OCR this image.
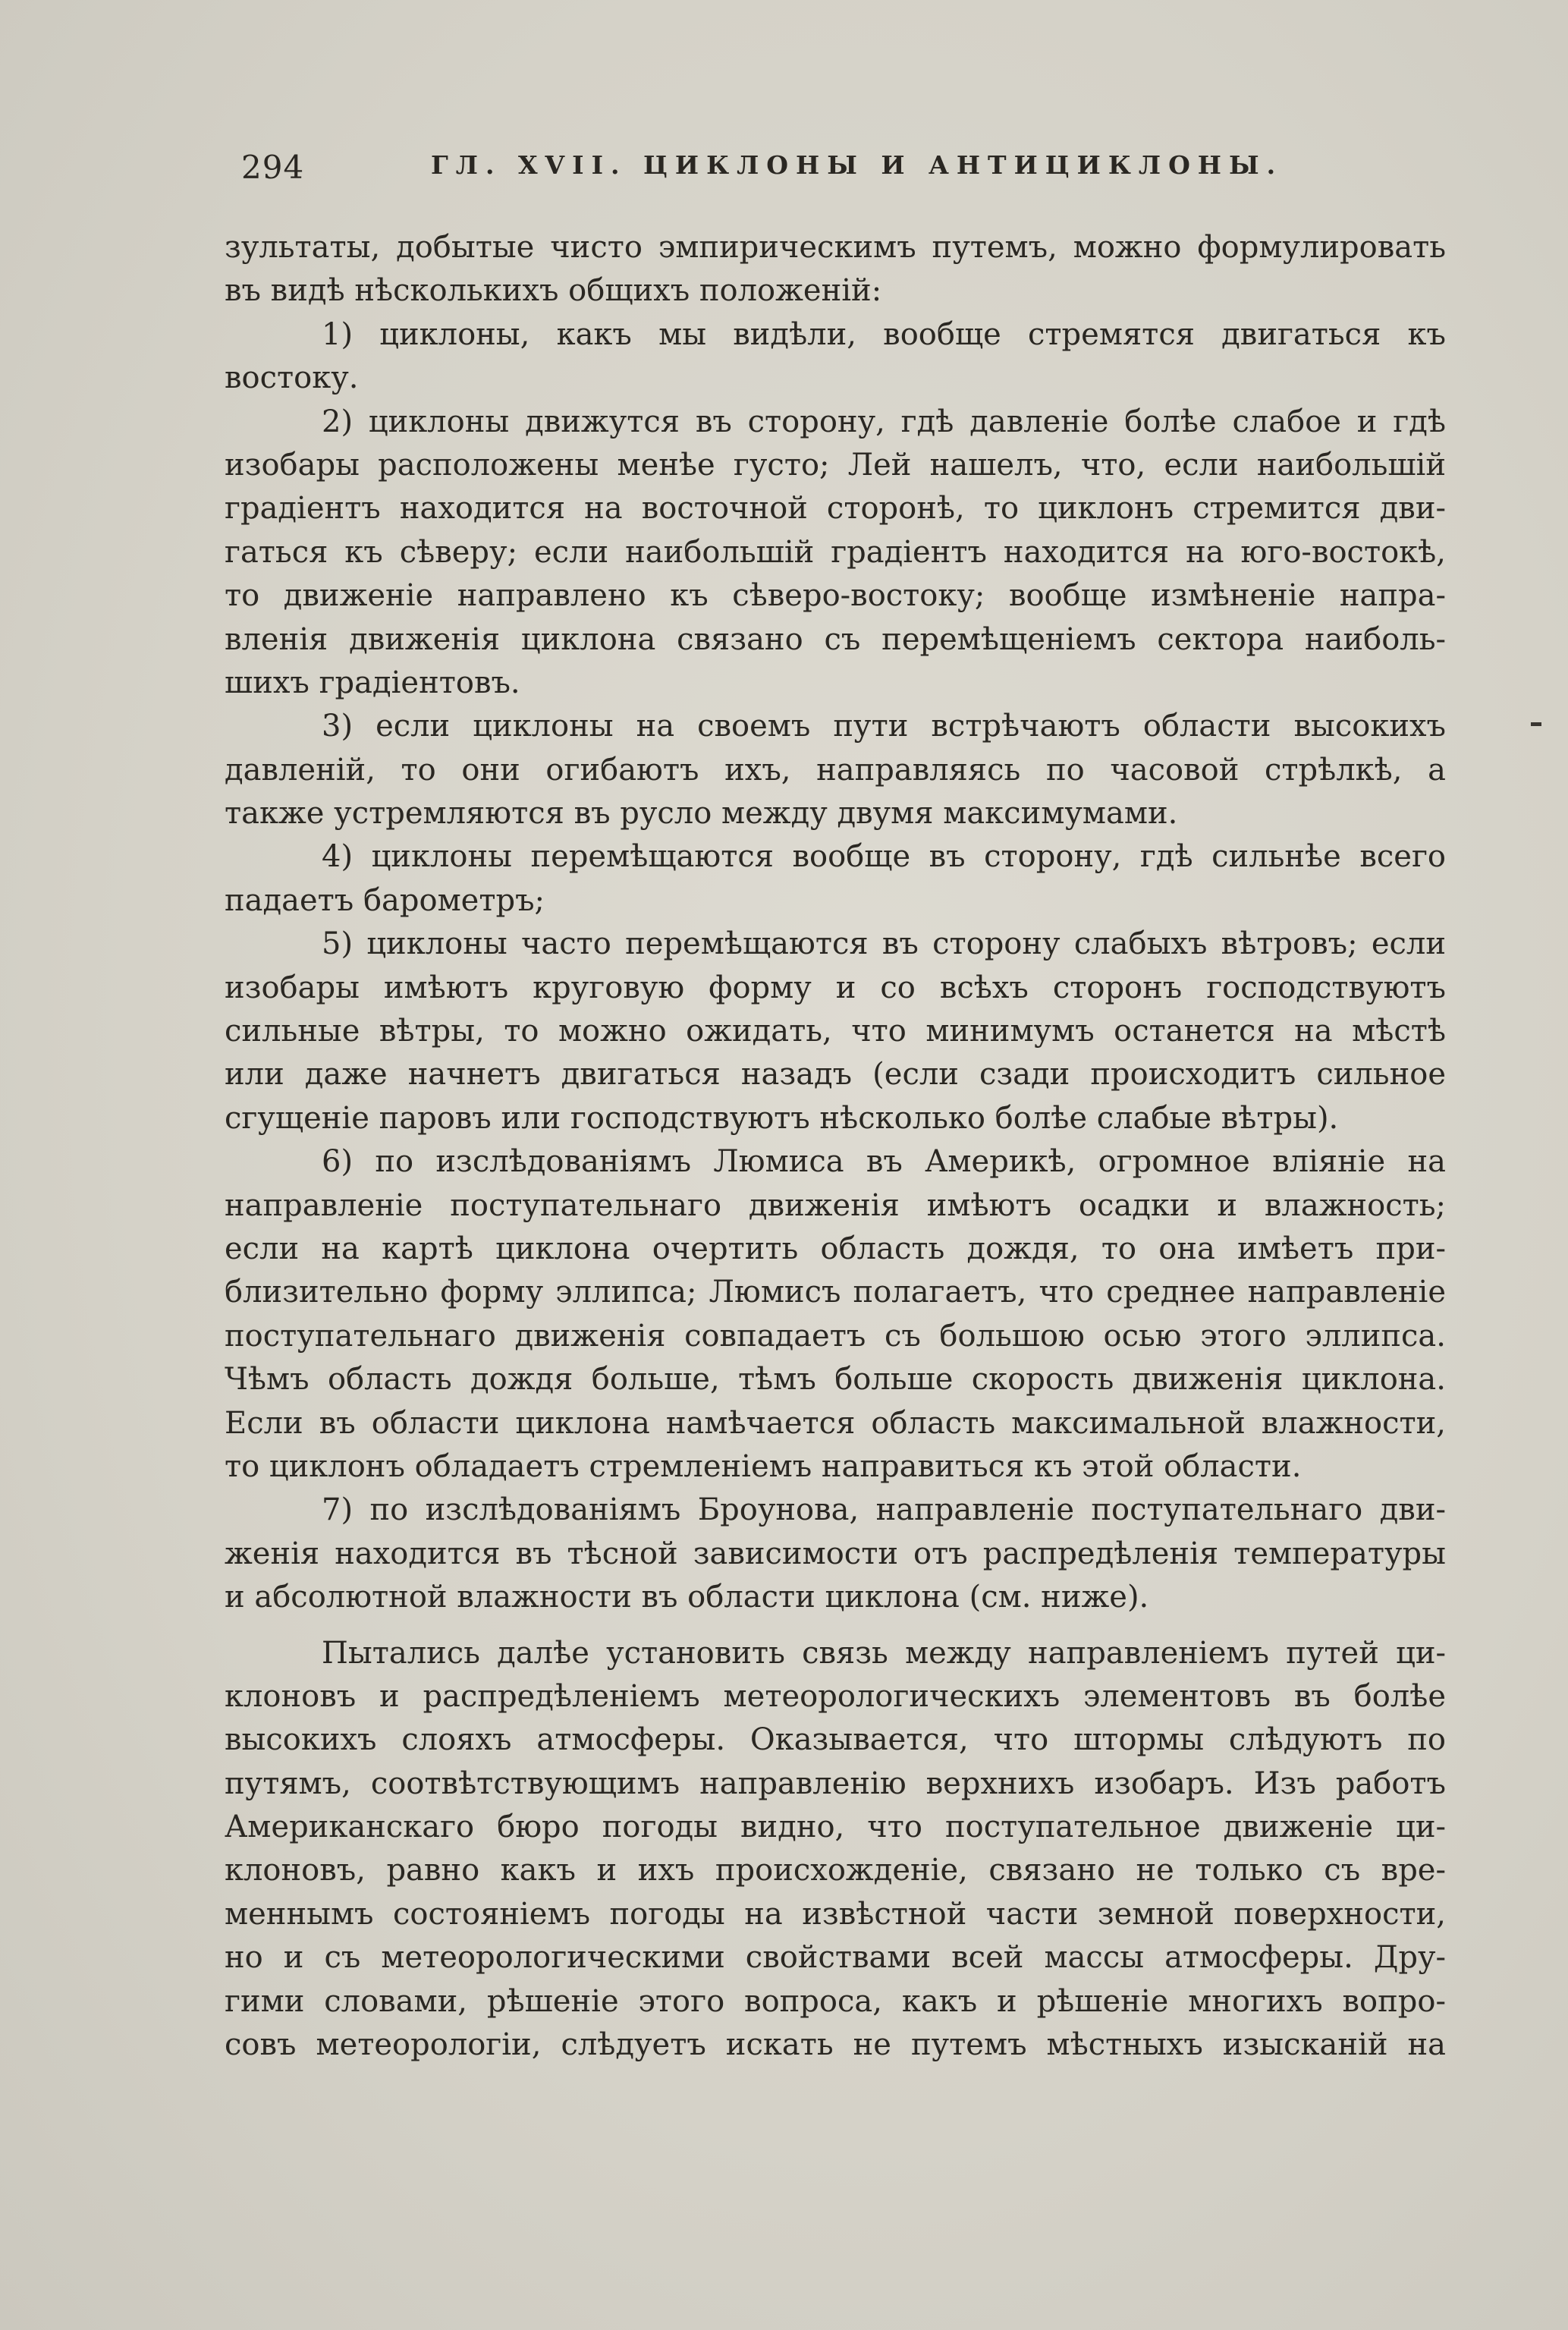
294	ГЛ. XVII. ЦИКЛОНЫ И АНТИЦИКЛОНЫ.
зультаты, добытые чисто эмпирическимъ путемъ, можно формулировать
въ видѣ нѣсколькихъ общихъ положенiй:
1) циклоны, какъ мы видѣли, вообще стремятся двигаться къ
востоку.
2) циклоны движутся въ сторону, гдѣ давленiе болѣе слабое и гдѣ
изобары расположены менѣе густо; Лей нашелъ, что, если наибольшiй
градiентъ находится на восточной сторонѣ, то циклонъ стремится дви-
гаться къ сѣверу; если наибольшiй градiентъ находится на юго-востокѣ,
то движенiе направлено къ сѣверо-востоку; вообще измѣненiе напра-
вленiя движенiя циклона связано съ перемѣщенiемъ сектора наиболь-
шихъ градiентовъ.
3) если циклоны на своемъ пути встрѣчаютъ области высокихъ
давленiй, то они огибаютъ ихъ, направляясь по часовой стрѣлкѣ, а
также устремляются въ русло между двумя максимумами.
4) циклоны перемѣщаются вообще въ сторону, гдѣ сильнѣе всего
падаетъ барометръ;
5) циклоны часто перемѣщаются въ сторону слабыхъ вѣтровъ; если
изобары имѣютъ круговую форму и со всѣхъ сторонъ господствуютъ
сильные вѣтры, то можно ожидать, что минимумъ останется на мѣстѣ
или даже начнетъ двигаться назадъ (если сзади происходитъ сильное
сгущенiе паровъ или господствуютъ нѣсколько болѣе слабые вѣтры).
6) по изслѣдованiямъ Люмиса въ Америкѣ, огромное влiянiе на
направленiе поступательнаго движенiя имѣютъ осадки и влажность;
если на картѣ циклона очертить область дождя, то она имѣетъ при-
близительно форму эллипса; Люмисъ полагаетъ, что среднее направленiе
поступательнаго движенiя совпадаетъ съ большою осью этого эллипса.
Чѣмъ область дождя больше, тѣмъ больше скорость движенiя циклона.
Если въ области циклона намѣчается область максимальной влажности,
то циклонъ обладаетъ стремленiемъ направиться къ этой области.
7) по изслѣдованiямъ Броунова, направленiе поступательнаго дви-
женiя находится въ тѣсной зависимости отъ распредѣленiя температуры
и абсолютной влажности въ области циклона (см. ниже).
Пытались далѣе установить связь между направленiемъ путей ци-
клоновъ и распредѣленiемъ метеорологическихъ элементовъ въ болѣе
высокихъ слояхъ атмосферы. Оказывается, что штормы слѣдуютъ по
путямъ, соотвѣтствующимъ направленiю верхнихъ изобаръ. Изъ работъ
Американскаго бюро погоды видно, что поступательное движенiе ци-
клоновъ, равно какъ и ихъ происхожденiе, связано не только съ вре-
меннымъ состоянiемъ погоды на извѣстной части земной поверхности,
но и съ метеорологическими свойствами всей массы атмосферы. Дру-
гими словами, рѣшенiе этого вопроса, какъ и рѣшенiе многихъ вопро-
совъ метеорологiи, слѣдуетъ искать не путемъ мѣстныхъ изысканiй на
